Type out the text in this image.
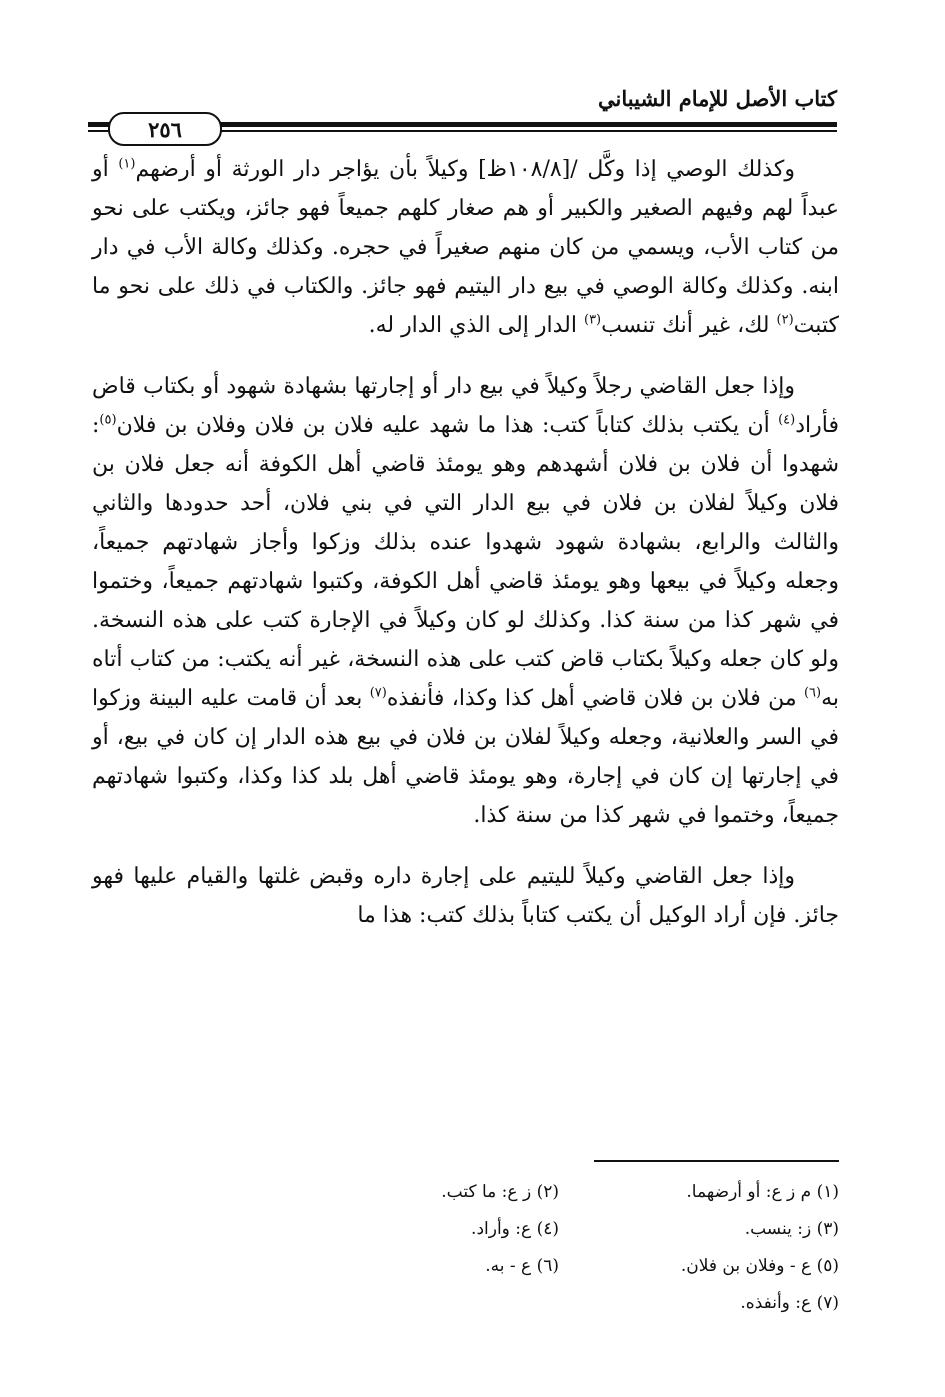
كتاب الأصل للإمام الشيباني
٢٥٦

وكذلك الوصي إذا وكَّل /[١٠٨/٨ظ] وكيلاً بأن يؤاجر دار الورثة أو أرضهم$^{(١)}$ أو عبداً لهم وفيهم الصغير والكبير أو هم صغار كلهم جميعاً فهو جائز، ويكتب على نحو من كتاب الأب، ويسمي من كان منهم صغيراً في حجره. وكذلك وكالة الأب في دار ابنه. وكذلك وكالة الوصي في بيع دار اليتيم فهو جائز. والكتاب في ذلك على نحو ما كتبت$^{(٢)}$ لك، غير أنك تنسب$^{(٣)}$ الدار إلى الذي الدار له.

وإذا جعل القاضي رجلاً وكيلاً في بيع دار أو إجارتها بشهادة شهود أو بكتاب قاض فأراد$^{(٤)}$ أن يكتب بذلك كتاباً كتب: هذا ما شهد عليه فلان بن فلان وفلان بن فلان$^{(٥)}$: شهدوا أن فلان بن فلان أشهدهم وهو يومئذ قاضي أهل الكوفة أنه جعل فلان بن فلان وكيلاً لفلان بن فلان في بيع الدار التي في بني فلان، أحد حدودها والثاني والثالث والرابع، بشهادة شهود شهدوا عنده بذلك وزكوا وأجاز شهادتهم جميعاً، وجعله وكيلاً في بيعها وهو يومئذ قاضي أهل الكوفة، وكتبوا شهادتهم جميعاً، وختموا في شهر كذا من سنة كذا. وكذلك لو كان وكيلاً في الإجارة كتب على هذه النسخة. ولو كان جعله وكيلاً بكتاب قاض كتب على هذه النسخة، غير أنه يكتب: من كتاب أتاه به$^{(٦)}$ من فلان بن فلان قاضي أهل كذا وكذا، فأنفذه$^{(٧)}$ بعد أن قامت عليه البينة وزكوا في السر والعلانية، وجعله وكيلاً لفلان بن فلان في بيع هذه الدار إن كان في بيع، أو في إجارتها إن كان في إجارة، وهو يومئذ قاضي أهل بلد كذا وكذا، وكتبوا شهادتهم جميعاً، وختموا في شهر كذا من سنة كذا.

وإذا جعل القاضي وكيلاً لليتيم على إجارة داره وقبض غلتها والقيام عليها فهو جائز. فإن أراد الوكيل أن يكتب كتاباً بذلك كتب: هذا ما

(١) م ز ع: أو أرضهما.
(٢) ز ع: ما كتب.
(٣) ز: ينسب.
(٤) ع: وأراد.
(٥) ع - وفلان بن فلان.
(٦) ع - به.
(٧) ع: وأنفذه.
